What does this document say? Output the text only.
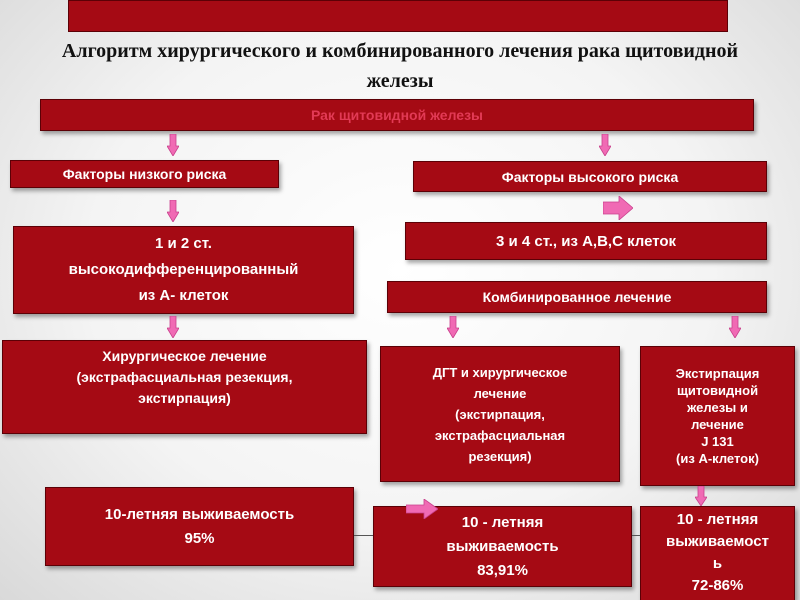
Алгоритм хирургического и комбинированного лечения рака щитовидной железы
Рак щитовидной железы
Факторы низкого риска
1 и 2 ст.
высокодифференцированный
из А- клеток
Хирургическое лечение
(экстрафасциальная резекция,
экстирпация)
10-летняя выживаемость
95%
Факторы высокого риска
3 и 4 ст., из А,В,С клеток
Комбинированное лечение
ДГТ и хирургическое
лечение
(экстирпация,
экстрафасциальная
резекция)
Экстирпация
щитовидной
железы и
лечение
J 131
(из А-клеток)
10 - летняя
выживаемость
83,91%
10 - летняя
выживаемост
ь
72-86%
